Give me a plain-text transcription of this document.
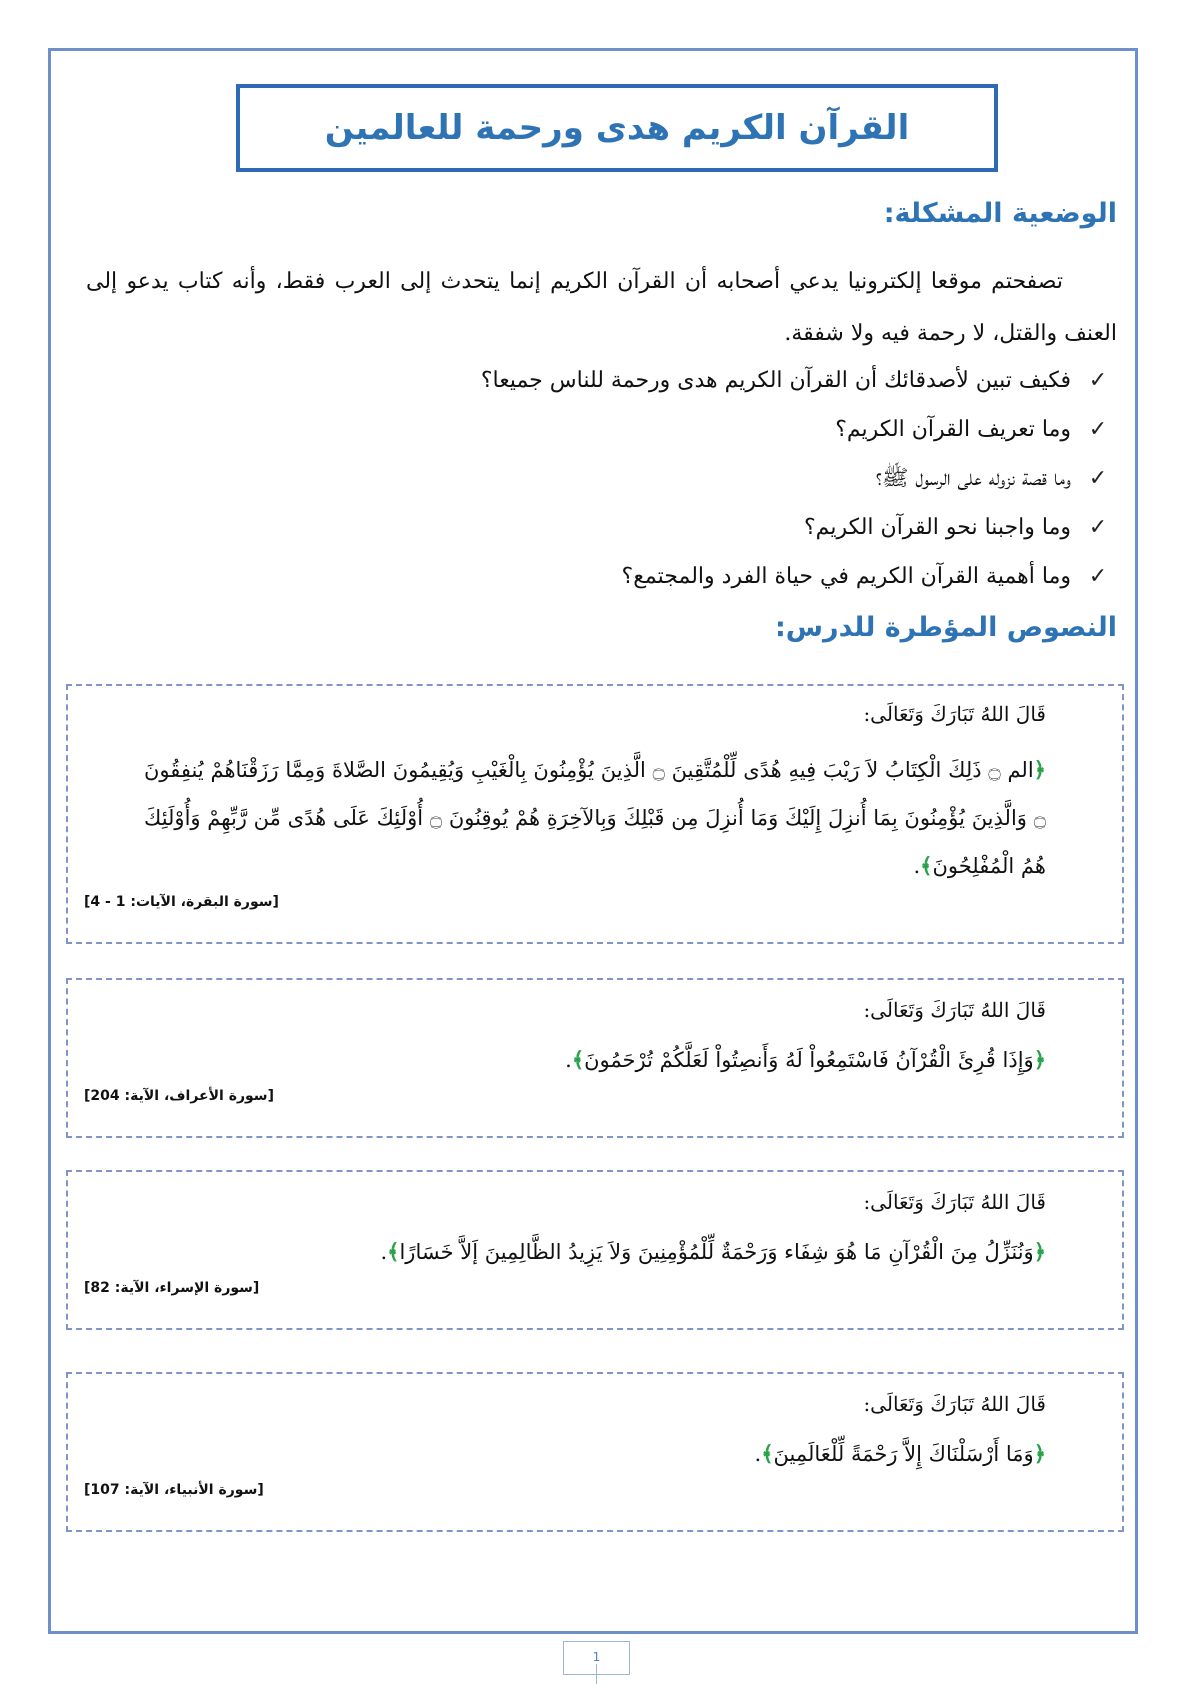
القرآن الكريم هدى ورحمة للعالمين
الوضعية المشكلة:
تصفحتم موقعا إلكترونيا يدعي أصحابه أن القرآن الكريم إنما يتحدث إلى العرب فقط، وأنه كتاب يدعو إلى العنف والقتل، لا رحمة فيه ولا شفقة.
✓
فكيف تبين لأصدقائك أن القرآن الكريم هدى ورحمة للناس جميعا؟
✓
وما تعريف القرآن الكريم؟
✓
وما قصة نزوله على الرسول ﷺ؟
✓
وما واجبنا نحو القرآن الكريم؟
✓
وما أهمية القرآن الكريم في حياة الفرد والمجتمع؟
النصوص المؤطرة للدرس:
قَالَ اللهُ تَبَارَكَ وَتَعَالَى:
﴿الم ۝ ذَلِكَ الْكِتَابُ لاَ رَيْبَ فِيهِ هُدًى لِّلْمُتَّقِينَ ۝ الَّذِينَ يُؤْمِنُونَ بِالْغَيْبِ وَيُقِيمُونَ الصَّلاةَ وَمِمَّا رَزَقْنَاهُمْ يُنفِقُونَ ۝ وَالَّذِينَ يُؤْمِنُونَ بِمَا أُنزِلَ إِلَيْكَ وَمَا أُنزِلَ مِن قَبْلِكَ وَبِالآخِرَةِ هُمْ يُوقِنُونَ ۝ أُوْلَئِكَ عَلَى هُدًى مِّن رَّبِّهِمْ وَأُوْلَئِكَ هُمُ الْمُفْلِحُونَ﴾.
[سورة البقرة، الآيات: 1 - 4]
قَالَ اللهُ تَبَارَكَ وَتَعَالَى:
﴿وَإِذَا قُرِئَ الْقُرْآنُ فَاسْتَمِعُواْ لَهُ وَأَنصِتُواْ لَعَلَّكُمْ تُرْحَمُونَ﴾.
[سورة الأعراف، الآية: 204]
قَالَ اللهُ تَبَارَكَ وَتَعَالَى:
﴿وَنُنَزِّلُ مِنَ الْقُرْآنِ مَا هُوَ شِفَاء وَرَحْمَةٌ لِّلْمُؤْمِنِينَ وَلاَ يَزِيدُ الظَّالِمِينَ إَلاَّ خَسَارًا﴾.
[سورة الإسراء، الآية: 82]
قَالَ اللهُ تَبَارَكَ وَتَعَالَى:
﴿وَمَا أَرْسَلْنَاكَ إِلاَّ رَحْمَةً لِّلْعَالَمِينَ﴾.
[سورة الأنبياء، الآية: 107]
1
